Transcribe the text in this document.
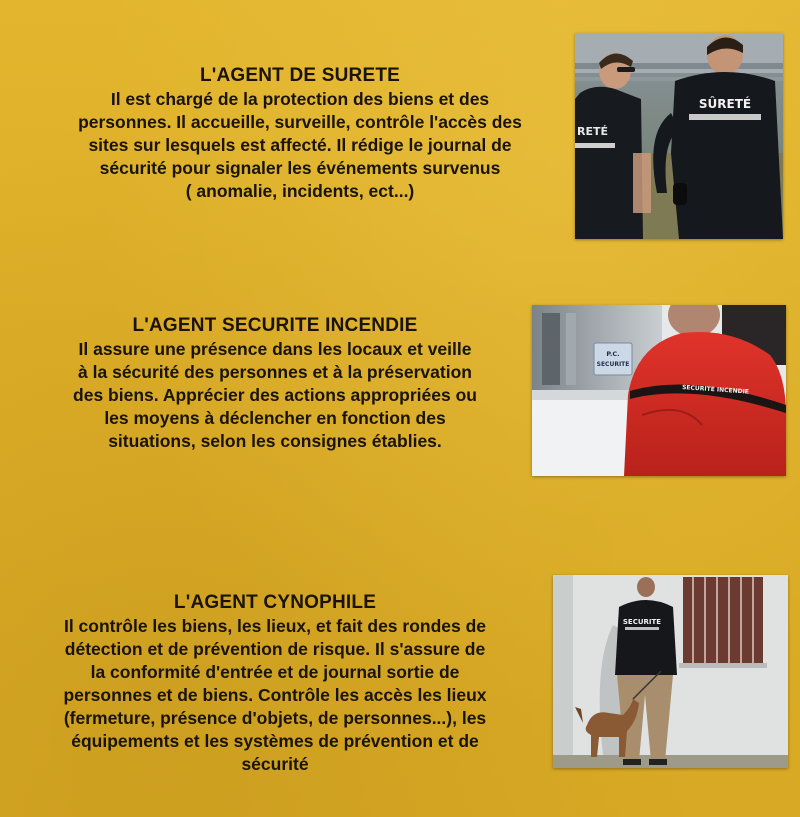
L'AGENT DE SURETE
Il est chargé de la protection des biens et des
personnes. Il accueille, surveille, contrôle l'accès des
sites sur lesquels est affecté. Il rédige le journal de
sécurité pour signaler les événements survenus
( anomalie, incidents, ect...)
RETÉ
SÛRETÉ
L'AGENT SECURITE INCENDIE
Il assure une présence dans les locaux et veille
à la sécurité des personnes et à la préservation
des biens. Apprécier des actions appropriées ou
les moyens à déclencher en fonction des
situations, selon les consignes établies.
P.C.
SECURITE
SECURITE INCENDIE
L'AGENT CYNOPHILE
Il contrôle les biens, les lieux, et fait des rondes de
détection et de prévention de risque. Il s'assure de
la conformité d'entrée et de journal sortie de
personnes et de biens. Contrôle les accès les lieux
(fermeture, présence d'objets, de personnes...), les
équipements et les systèmes de prévention et de
sécurité
SECURITE
